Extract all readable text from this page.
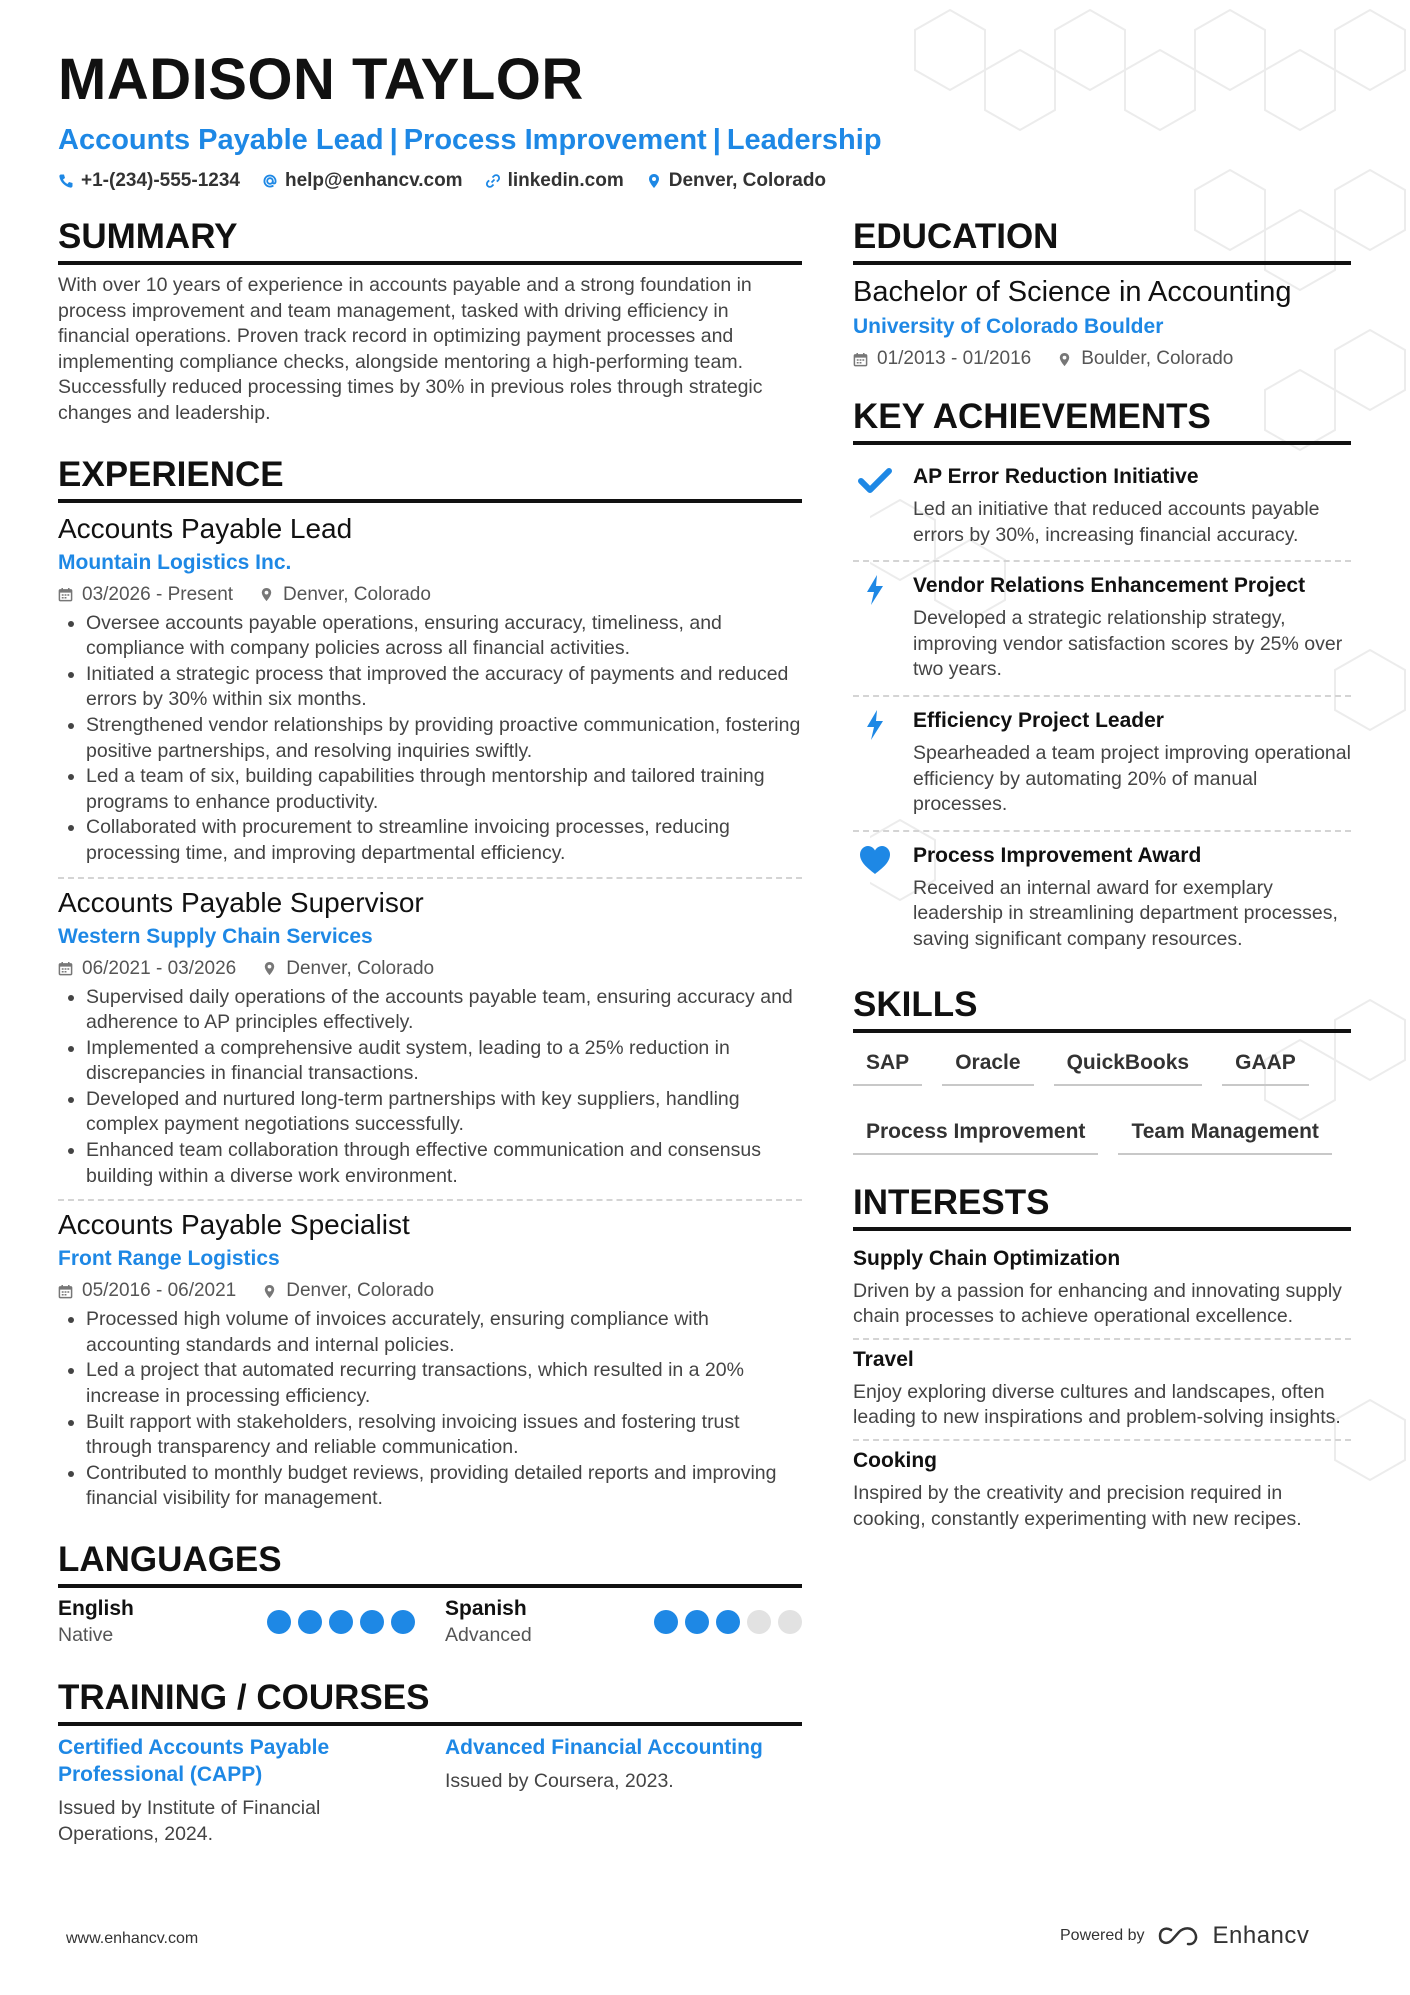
MADISON TAYLOR
Accounts Payable Lead | Process Improvement | Leadership
+1-(234)-555-1234 help@enhancv.com linkedin.com Denver, Colorado
SUMMARY
With over 10 years of experience in accounts payable and a strong foundation in process improvement and team management, tasked with driving efficiency in financial operations. Proven track record in optimizing payment processes and implementing compliance checks, alongside mentoring a high-performing team. Successfully reduced processing times by 30% in previous roles through strategic changes and leadership.
EXPERIENCE
Accounts Payable Lead
Mountain Logistics Inc.
03/2026 - Present	Denver, Colorado
• Oversee accounts payable operations, ensuring accuracy, timeliness, and compliance with company policies across all financial activities.
• Initiated a strategic process that improved the accuracy of payments and reduced errors by 30% within six months.
• Strengthened vendor relationships by providing proactive communication, fostering positive partnerships, and resolving inquiries swiftly.
• Led a team of six, building capabilities through mentorship and tailored training programs to enhance productivity.
• Collaborated with procurement to streamline invoicing processes, reducing processing time, and improving departmental efficiency.
Accounts Payable Supervisor
Western Supply Chain Services
06/2021 - 03/2026	Denver, Colorado
• Supervised daily operations of the accounts payable team, ensuring accuracy and adherence to AP principles effectively.
• Implemented a comprehensive audit system, leading to a 25% reduction in discrepancies in financial transactions.
• Developed and nurtured long-term partnerships with key suppliers, handling complex payment negotiations successfully.
• Enhanced team collaboration through effective communication and consensus building within a diverse work environment.
Accounts Payable Specialist
Front Range Logistics
05/2016 - 06/2021	Denver, Colorado
• Processed high volume of invoices accurately, ensuring compliance with accounting standards and internal policies.
• Led a project that automated recurring transactions, which resulted in a 20% increase in processing efficiency.
• Built rapport with stakeholders, resolving invoicing issues and fostering trust through transparency and reliable communication.
• Contributed to monthly budget reviews, providing detailed reports and improving financial visibility for management.
LANGUAGES
English
Native
Spanish
Advanced
TRAINING / COURSES
Certified Accounts Payable Professional (CAPP)
Issued by Institute of Financial Operations, 2024.
Advanced Financial Accounting
Issued by Coursera, 2023.
EDUCATION
Bachelor of Science in Accounting
University of Colorado Boulder
01/2013 - 01/2016	Boulder, Colorado
KEY ACHIEVEMENTS
AP Error Reduction Initiative
Led an initiative that reduced accounts payable errors by 30%, increasing financial accuracy.
Vendor Relations Enhancement Project
Developed a strategic relationship strategy, improving vendor satisfaction scores by 25% over two years.
Efficiency Project Leader
Spearheaded a team project improving operational efficiency by automating 20% of manual processes.
Process Improvement Award
Received an internal award for exemplary leadership in streamlining department processes, saving significant company resources.
SKILLS
SAP	Oracle	QuickBooks	GAAP
Process Improvement	Team Management
INTERESTS
Supply Chain Optimization
Driven by a passion for enhancing and innovating supply chain processes to achieve operational excellence.
Travel
Enjoy exploring diverse cultures and landscapes, often leading to new inspirations and problem-solving insights.
Cooking
Inspired by the creativity and precision required in cooking, constantly experimenting with new recipes.
www.enhancv.com	Powered by	Enhancv
